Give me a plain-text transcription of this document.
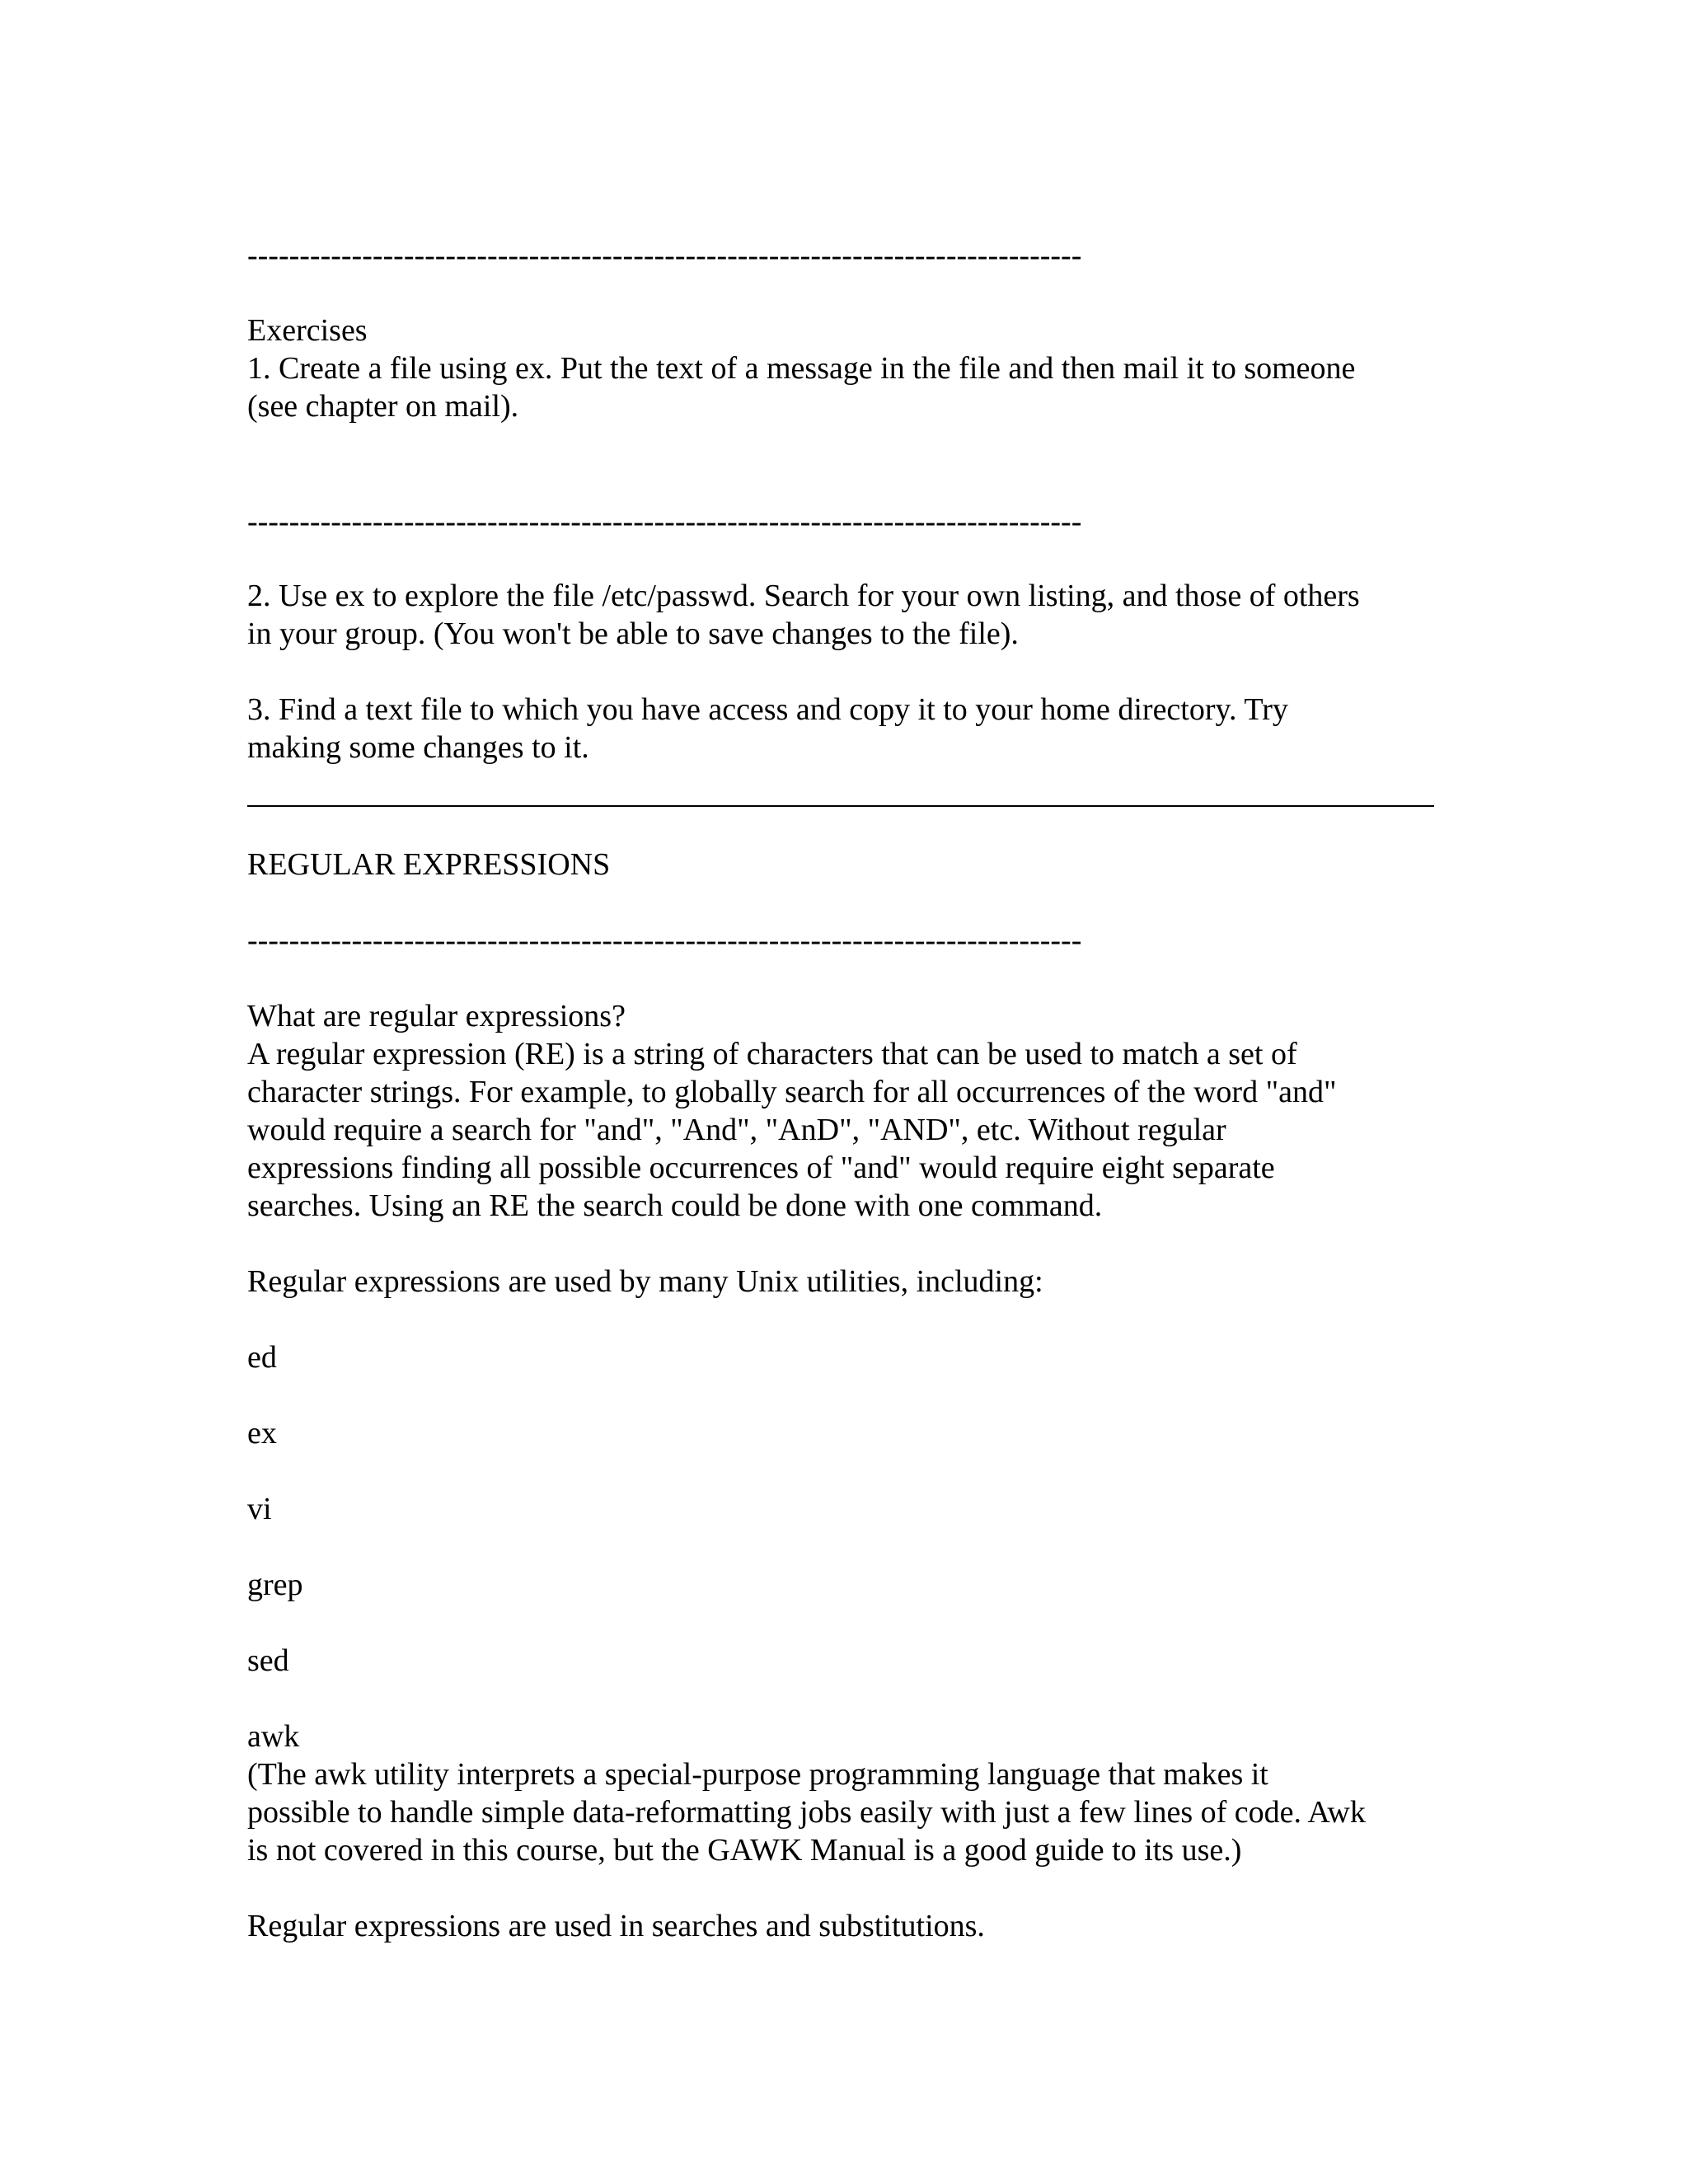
--------------------------------------------------------------------------------
Exercises
1. Create a file using ex. Put the text of a message in the file and then mail it to someone
(see chapter on mail).
--------------------------------------------------------------------------------
2. Use ex to explore the file /etc/passwd. Search for your own listing, and those of others
in your group. (You won't be able to save changes to the file).
3. Find a text file to which you have access and copy it to your home directory. Try
making some changes to it.
REGULAR EXPRESSIONS
--------------------------------------------------------------------------------
What are regular expressions?
A regular expression (RE) is a string of characters that can be used to match a set of
character strings. For example, to globally search for all occurrences of the word "and"
would require a search for "and", "And", "AnD", "AND", etc. Without regular
expressions finding all possible occurrences of "and" would require eight separate
searches. Using an RE the search could be done with one command.
Regular expressions are used by many Unix utilities, including:
ed
ex
vi
grep
sed
awk
(The awk utility interprets a special-purpose programming language that makes it
possible to handle simple data-reformatting jobs easily with just a few lines of code. Awk
is not covered in this course, but the GAWK Manual is a good guide to its use.)
Regular expressions are used in searches and substitutions.
